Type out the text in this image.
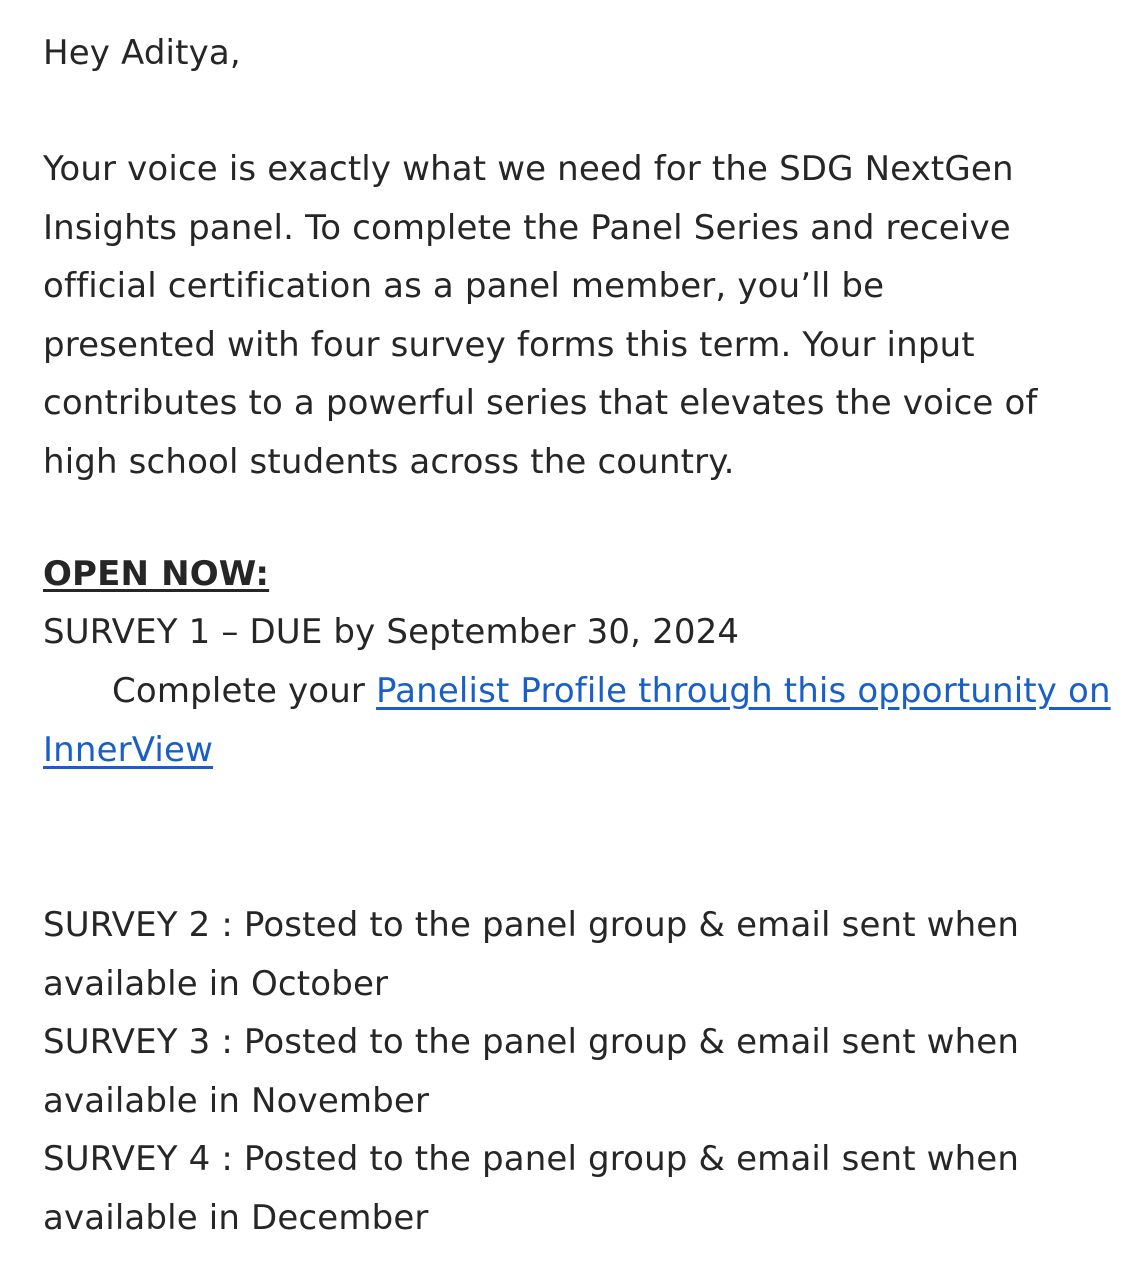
Hey Aditya,
Your voice is exactly what we need for the SDG NextGen
Insights panel. To complete the Panel Series and receive
official certification as a panel member, you’ll be
presented with four survey forms this term. Your input
contributes to a powerful series that elevates the voice of
high school students across the country.
OPEN NOW:
SURVEY 1 – DUE by September 30, 2024
Complete your Panelist Profile through this opportunity on
InnerView
SURVEY 2 : Posted to the panel group & email sent when
available in October
SURVEY 3 : Posted to the panel group & email sent when
available in November
SURVEY 4 : Posted to the panel group & email sent when
available in December
